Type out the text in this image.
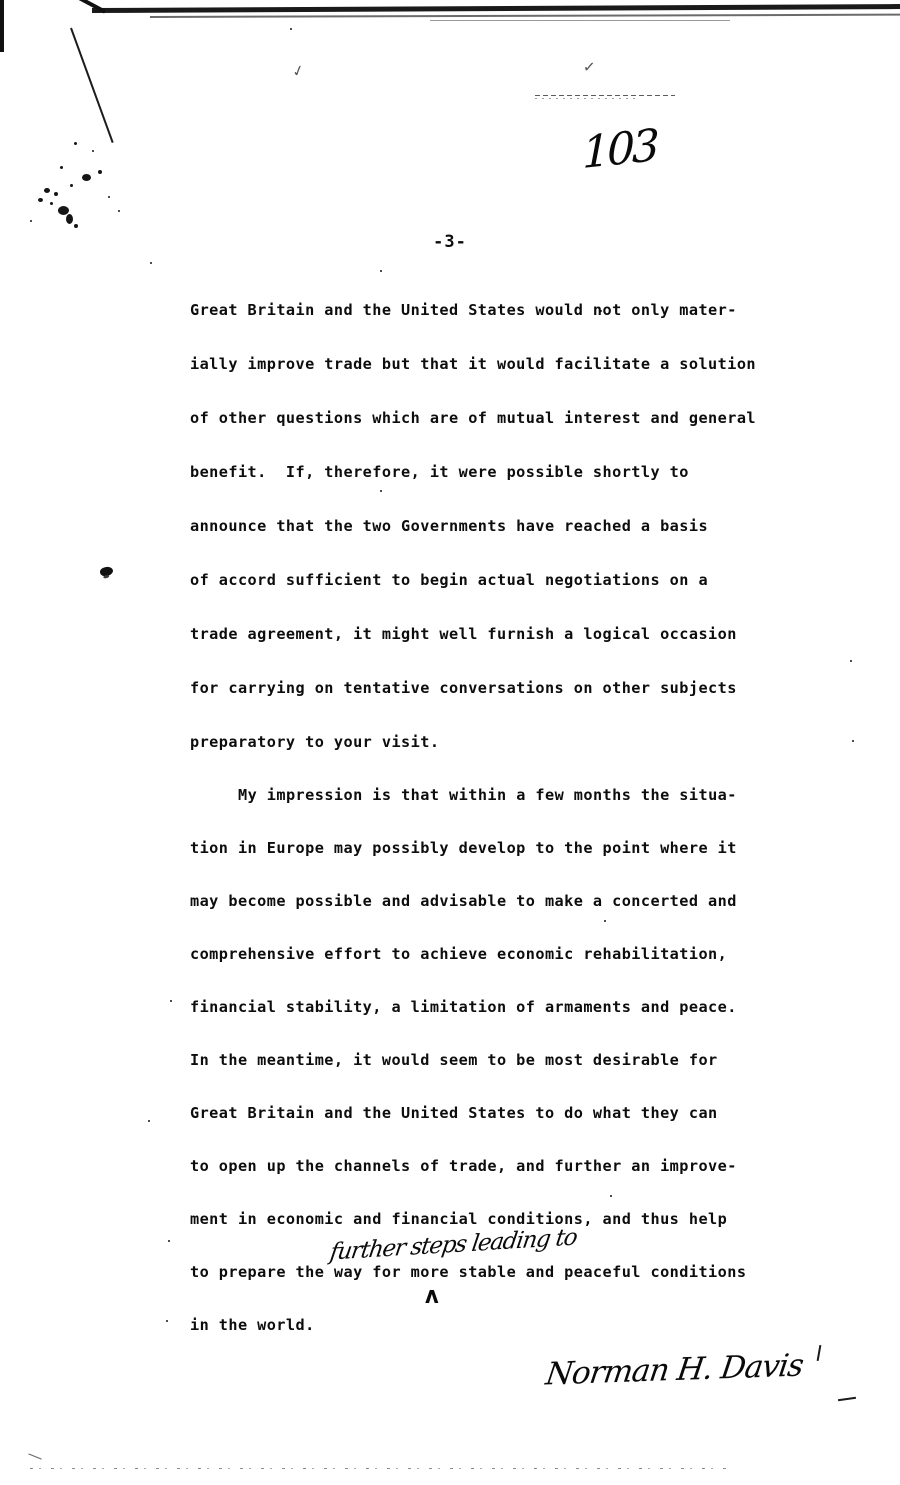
✓	✓
103
-3-
Great Britain and the United States would not only mater-
ially improve trade but that it would facilitate a solution
of other questions which are of mutual interest and general
benefit.  If, therefore, it were possible shortly to
announce that the two Governments have reached a basis
of accord sufficient to begin actual negotiations on a
trade agreement, it might well furnish a logical occasion
for carrying on tentative conversations on other subjects
preparatory to your visit.
My impression is that within a few months the situa-
tion in Europe may possibly develop to the point where it
may become possible and advisable to make a concerted and
comprehensive effort to achieve economic rehabilitation,
financial stability, a limitation of armaments and peace.
In the meantime, it would seem to be most desirable for
Great Britain and the United States to do what they can
to open up the channels of trade, and further an improve-
ment in economic and financial conditions, and thus help
to prepare the way for more stable and peaceful conditions
in the world.
further steps leading to
ʌ
Norman H. Davis
